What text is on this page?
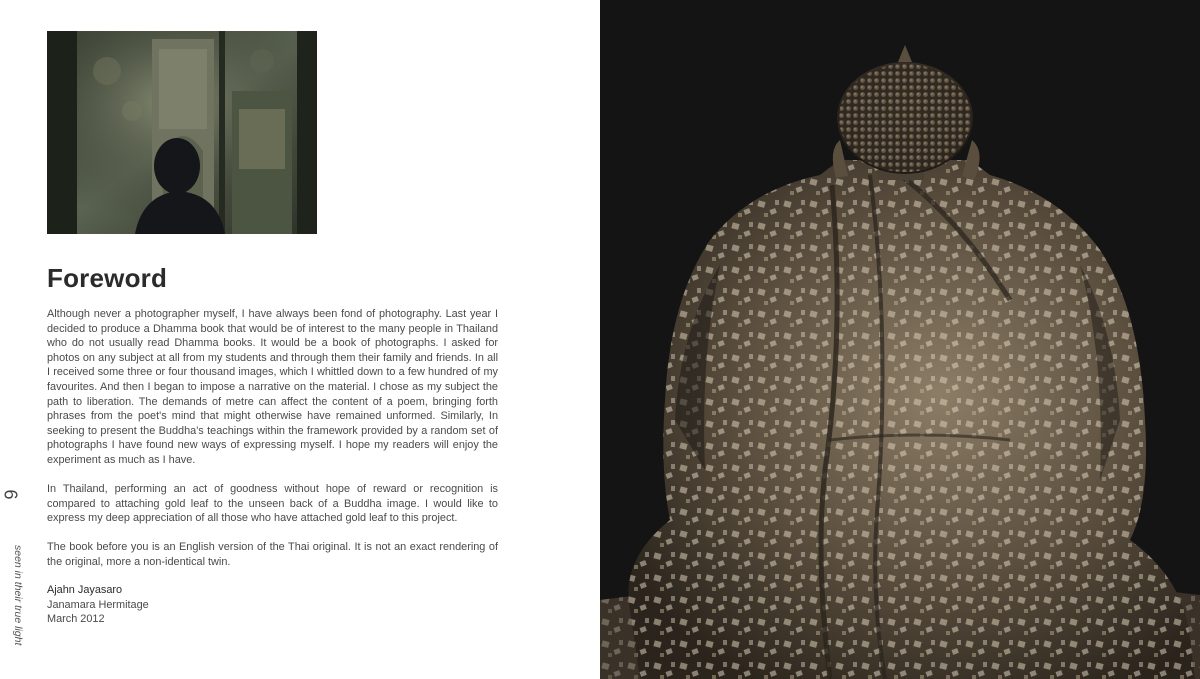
Foreword

Although never a photographer myself, I have always been fond of photography. Last year I decided to produce a Dhamma book that would be of interest to the many people in Thailand who do not usually read Dhamma books. It would be a book of photographs. I asked for photos on any subject at all from my students and through them their family and friends. In all I received some three or four thousand images, which I whittled down to a few hundred of my favourites. And then I began to impose a narrative on the material. I chose as my subject the path to liberation. The demands of metre can affect the content of a poem, bringing forth phrases from the poet's mind that might otherwise have remained unformed. Similarly, In seeking to present the Buddha's teachings within the framework provided by a random set of photographs I have found new ways of expressing myself. I hope my readers will enjoy the experiment as much as I have.

In Thailand, performing an act of goodness without hope of reward or recognition is compared to attaching gold leaf to the unseen back of a Buddha image. I would like to express my deep appreciation of all those who have attached gold leaf to this project.

The book before you is an English version of the Thai original. It is not an exact rendering of the original, more a non-identical twin.

Ajahn Jayasaro
Janamara Hermitage
March 2012
6
seen in their true light
